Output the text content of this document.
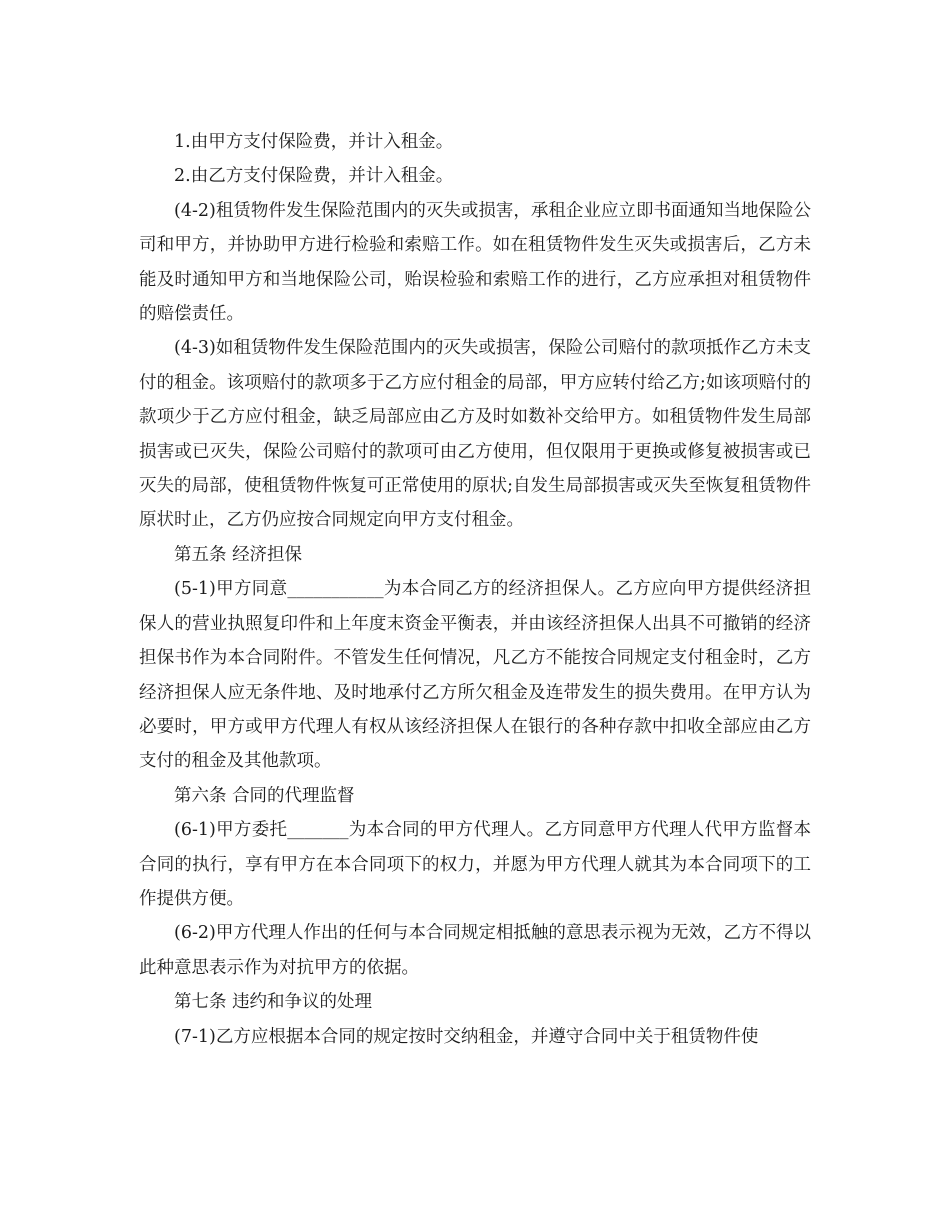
1.由甲方支付保险费，并计入租金。

2.由乙方支付保险费，并计入租金。

(4-2)租赁物件发生保险范围内的灭失或损害，承租企业应立即书面通知当地保险公司和甲方，并协助甲方进行检验和索赔工作。如在租赁物件发生灭失或损害后，乙方未能及时通知甲方和当地保险公司，贻误检验和索赔工作的进行，乙方应承担对租赁物件的赔偿责任。

(4-3)如租赁物件发生保险范围内的灭失或损害，保险公司赔付的款项抵作乙方未支付的租金。该项赔付的款项多于乙方应付租金的局部，甲方应转付给乙方;如该项赔付的款项少于乙方应付租金，缺乏局部应由乙方及时如数补交给甲方。如租赁物件发生局部损害或已灭失，保险公司赔付的款项可由乙方使用，但仅限用于更换或修复被损害或已灭失的局部，使租赁物件恢复可正常使用的原状;自发生局部损害或灭失至恢复租赁物件原状时止，乙方仍应按合同规定向甲方支付租金。

第五条 经济担保

(5-1)甲方同意___________为本合同乙方的经济担保人。乙方应向甲方提供经济担保人的营业执照复印件和上年度末资金平衡表，并由该经济担保人出具不可撤销的经济担保书作为本合同附件。不管发生任何情况，凡乙方不能按合同规定支付租金时，乙方经济担保人应无条件地、及时地承付乙方所欠租金及连带发生的损失费用。在甲方认为必要时，甲方或甲方代理人有权从该经济担保人在银行的各种存款中扣收全部应由乙方支付的租金及其他款项。

第六条 合同的代理监督

(6-1)甲方委托_______为本合同的甲方代理人。乙方同意甲方代理人代甲方监督本合同的执行，享有甲方在本合同项下的权力，并愿为甲方代理人就其为本合同项下的工作提供方便。

(6-2)甲方代理人作出的任何与本合同规定相抵触的意思表示视为无效，乙方不得以此种意思表示作为对抗甲方的依据。

第七条 违约和争议的处理

(7-1)乙方应根据本合同的规定按时交纳租金，并遵守合同中关于租赁物件使
